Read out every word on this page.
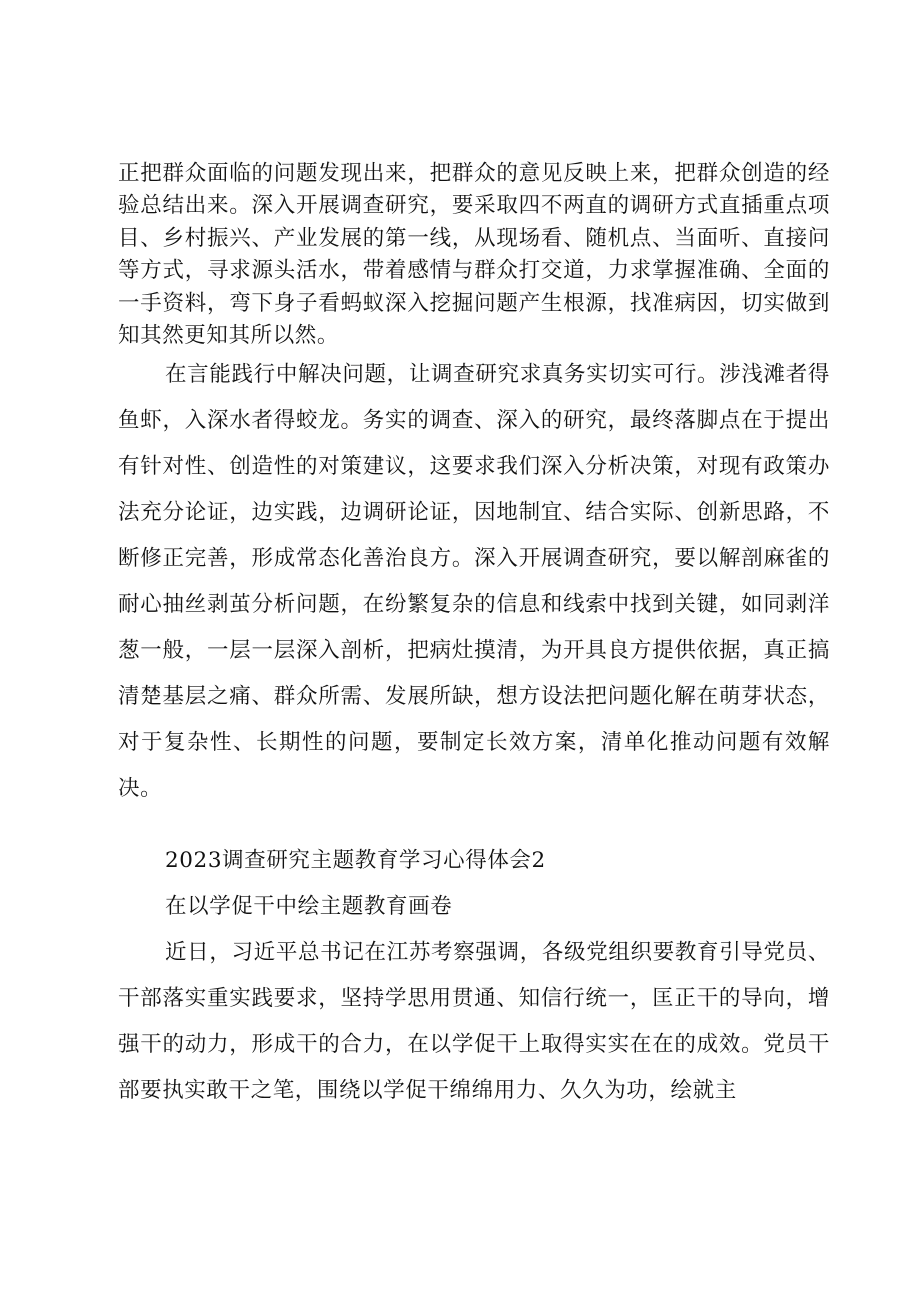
正把群众面临的问题发现出来，把群众的意见反映上来，把群众创造的经验总结出来。深入开展调查研究，要采取四不两直的调研方式直插重点项目、乡村振兴、产业发展的第一线，从现场看、随机点、当面听、直接问等方式，寻求源头活水，带着感情与群众打交道，力求掌握准确、全面的一手资料，弯下身子看蚂蚁深入挖掘问题产生根源，找准病因，切实做到知其然更知其所以然。

在言能践行中解决问题，让调查研究求真务实切实可行。涉浅滩者得鱼虾，入深水者得蛟龙。务实的调查、深入的研究，最终落脚点在于提出有针对性、创造性的对策建议，这要求我们深入分析决策，对现有政策办法充分论证，边实践，边调研论证，因地制宜、结合实际、创新思路，不断修正完善，形成常态化善治良方。深入开展调查研究，要以解剖麻雀的耐心抽丝剥茧分析问题，在纷繁复杂的信息和线索中找到关键，如同剥洋葱一般，一层一层深入剖析，把病灶摸清，为开具良方提供依据，真正搞清楚基层之痛、群众所需、发展所缺，想方设法把问题化解在萌芽状态，对于复杂性、长期性的问题，要制定长效方案，清单化推动问题有效解决。

2023调查研究主题教育学习心得体会2

在以学促干中绘主题教育画卷

近日，习近平总书记在江苏考察强调，各级党组织要教育引导党员、干部落实重实践要求，坚持学思用贯通、知信行统一，匡正干的导向，增强干的动力，形成干的合力，在以学促干上取得实实在在的成效。党员干部要执实敢干之笔，围绕以学促干绵绵用力、久久为功，绘就主
